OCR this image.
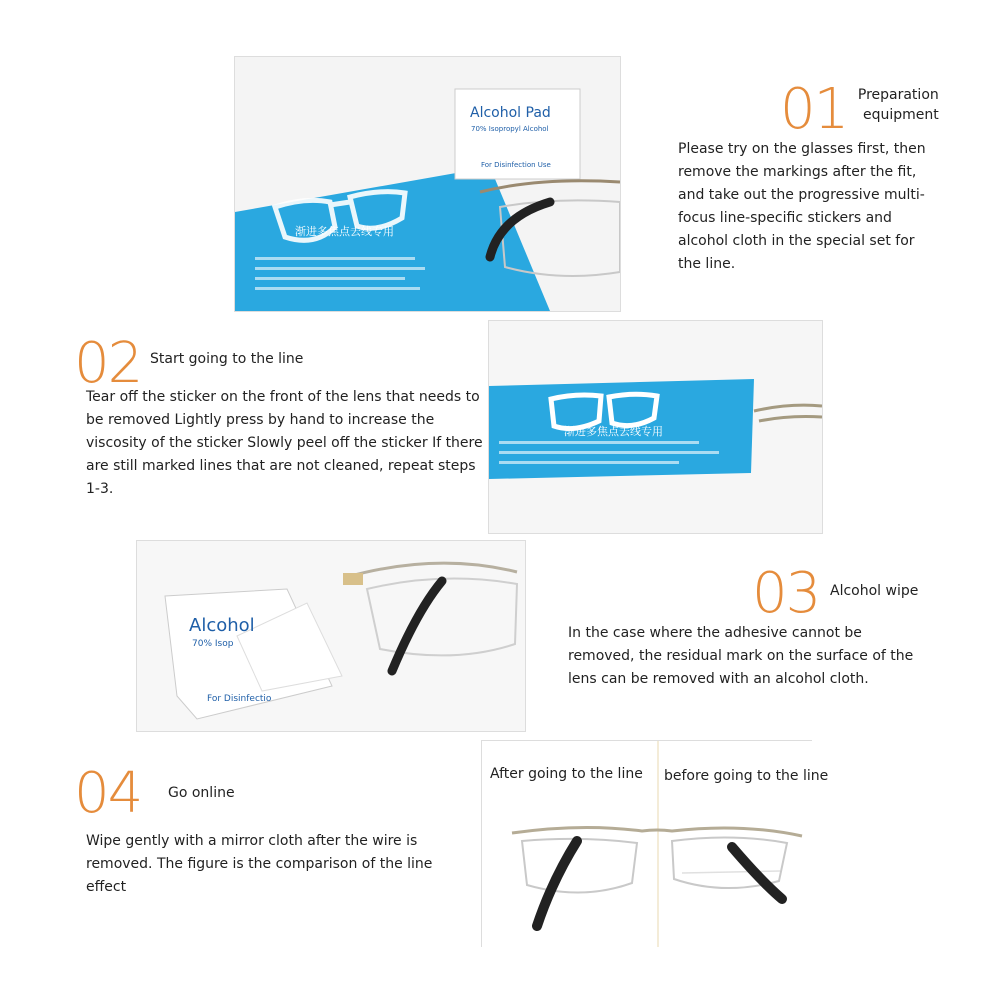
渐进多焦点去线专用
Alcohol Pad
70% Isopropyl Alcohol
For Disinfection Use
01 Preparation
equipment
Please try on the glasses first, then remove the markings after the fit, and take out the progressive multi-focus line-specific stickers and alcohol cloth in the special set for the line.
02 Start going to the line
Tear off the sticker on the front of the lens that needs to be removed Lightly press by hand to increase the viscosity of the sticker Slowly peel off the sticker If there are still marked lines that are not cleaned, repeat steps 1-3.
渐进多焦点去线专用
Alcohol
70% Isop
For Disinfectio
03 Alcohol wipe
In the case where the adhesive cannot be removed, the residual mark on the surface of the lens can be removed with an alcohol cloth.
04 Go online
Wipe gently with a mirror cloth after the wire is removed. The figure is the comparison of the line effect
After going to the line before going to the line
